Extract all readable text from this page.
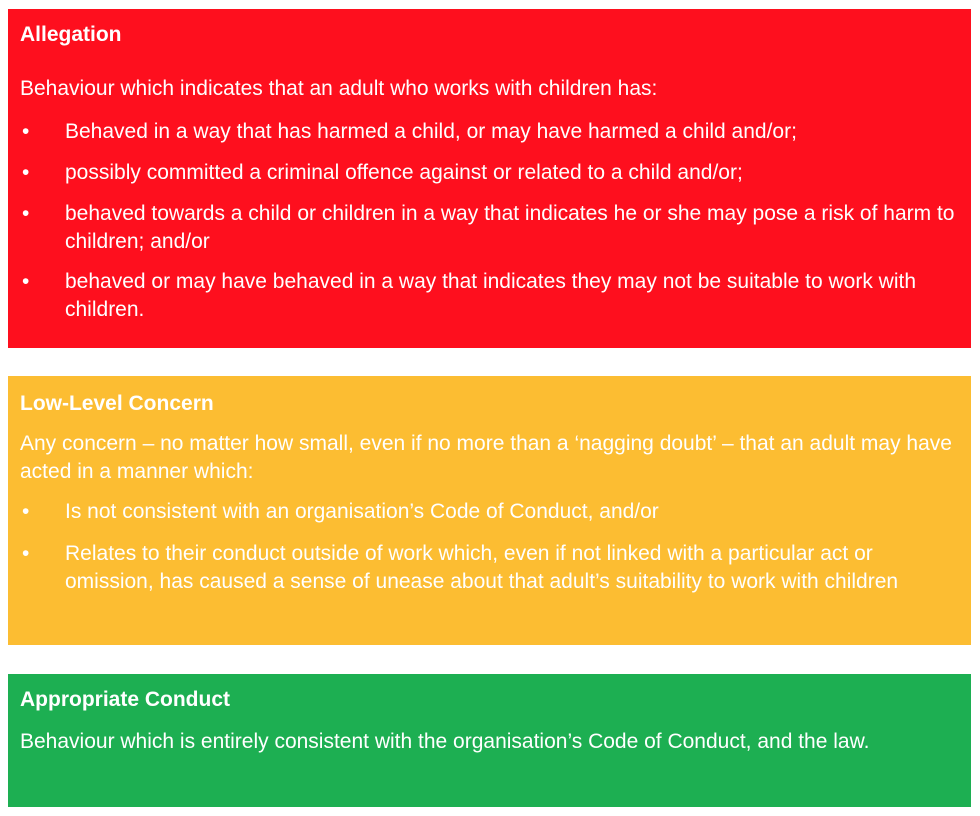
Allegation

Behaviour which indicates that an adult who works with children has:

•	Behaved in a way that has harmed a child, or may have harmed a child and/or;
•	possibly committed a criminal offence against or related to a child and/or;
•	behaved towards a child or children in a way that indicates he or she may pose a risk of harm to children; and/or
•	behaved or may have behaved in a way that indicates they may not be suitable to work with children.
Low-Level Concern

Any concern – no matter how small, even if no more than a ‘nagging doubt’ – that an adult may have acted in a manner which:

•	Is not consistent with an organisation’s Code of Conduct, and/or
•	Relates to their conduct outside of work which, even if not linked with a particular act or omission, has caused a sense of unease about that adult’s suitability to work with children
Appropriate Conduct

Behaviour which is entirely consistent with the organisation’s Code of Conduct, and the law.
